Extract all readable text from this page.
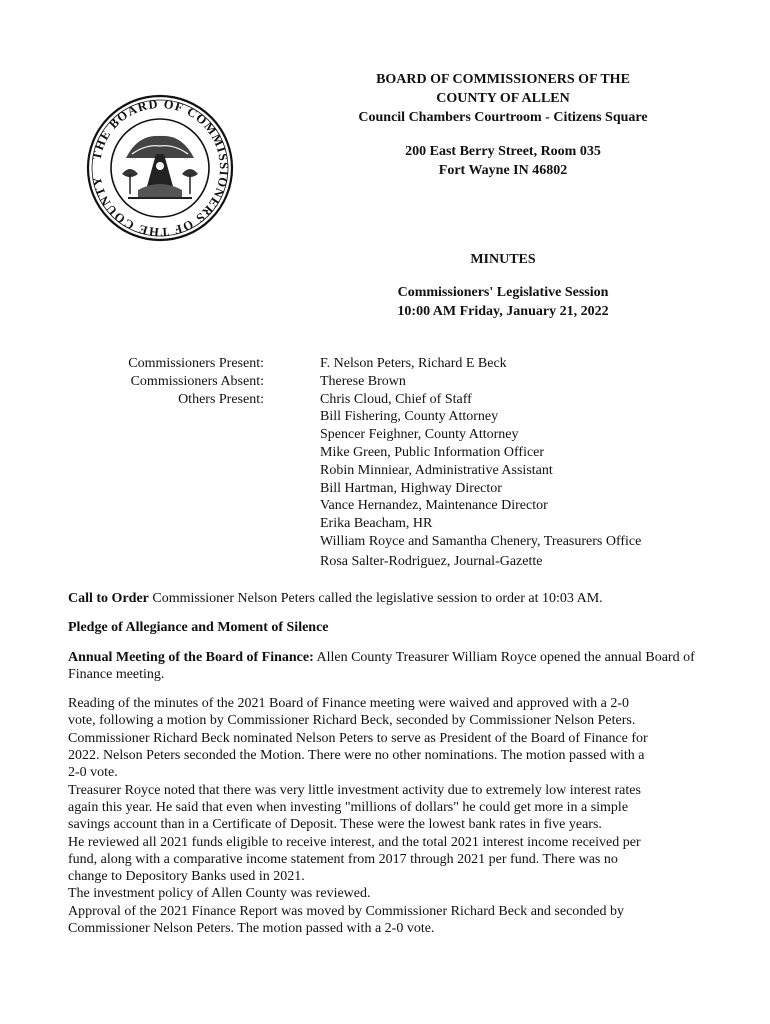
THE BOARD OF COMMISSIONERS OF THE COUNTY
BOARD OF COMMISSIONERS OF THE
COUNTY OF ALLEN
Council Chambers Courtroom - Citizens Square
200 East Berry Street, Room 035
Fort Wayne IN 46802
MINUTES
Commissioners' Legislative Session
10:00 AM Friday, January 21, 2022
Commissioners Present:
Commissioners Absent:
Others Present:
F. Nelson Peters, Richard E Beck
Therese Brown
Chris Cloud, Chief of Staff
Bill Fishering, County Attorney
Spencer Feighner, County Attorney
Mike Green, Public Information Officer
Robin Minniear, Administrative Assistant
Bill Hartman, Highway Director
Vance Hernandez, Maintenance Director
Erika Beacham, HR
William Royce and Samantha Chenery, Treasurers Office
Rosa Salter-Rodriguez, Journal-Gazette

Call to Order Commissioner Nelson Peters called the legislative session to order at 10:03 AM.

Pledge of Allegiance and Moment of Silence

Annual Meeting of the Board of Finance: Allen County Treasurer William Royce opened the annual Board of Finance meeting.

Reading of the minutes of the 2021 Board of Finance meeting were waived and approved with a 2-0
vote, following a motion by Commissioner Richard Beck, seconded by Commissioner Nelson Peters.
Commissioner Richard Beck nominated Nelson Peters to serve as President of the Board of Finance for
2022. Nelson Peters seconded the Motion. There were no other nominations. The motion passed with a
2-0 vote.
Treasurer Royce noted that there was very little investment activity due to extremely low interest rates
again this year. He said that even when investing "millions of dollars" he could get more in a simple
savings account than in a Certificate of Deposit. These were the lowest bank rates in five years.
He reviewed all 2021 funds eligible to receive interest, and the total 2021 interest income received per
fund, along with a comparative income statement from 2017 through 2021 per fund. There was no
change to Depository Banks used in 2021.
The investment policy of Allen County was reviewed.
Approval of the 2021 Finance Report was moved by Commissioner Richard Beck and seconded by
Commissioner Nelson Peters. The motion passed with a 2-0 vote.
